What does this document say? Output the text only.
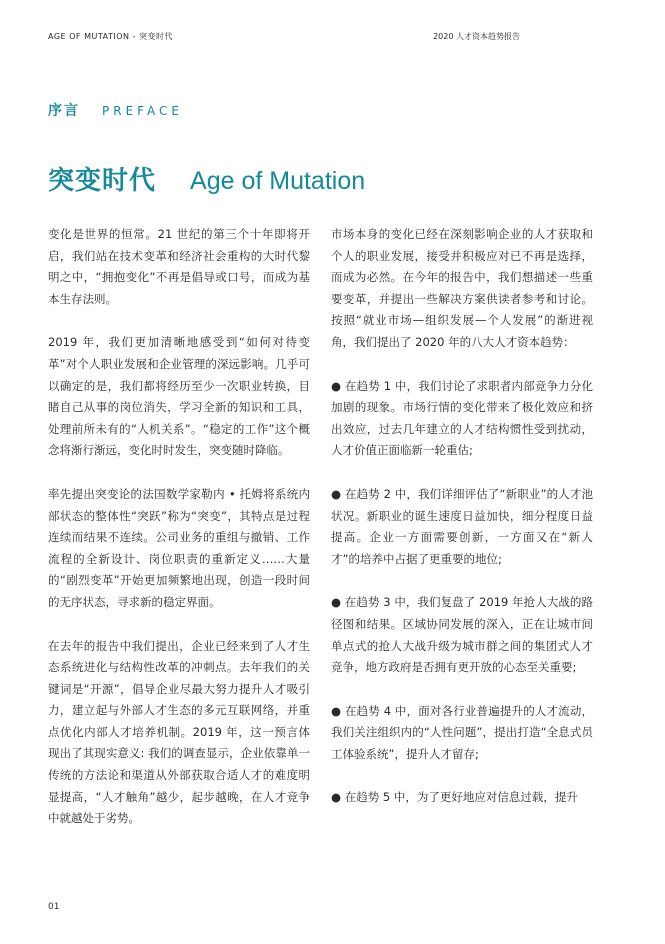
AGE OF MUTATION - 突变时代	2020 人才资本趋势报告
序言 PREFACE
突变时代 Age of Mutation

变化是世界的恒常。21 世纪的第三个十年即将开启，我们站在技术变革和经济社会重构的大时代黎明之中，“拥抱变化”不再是倡导或口号，而成为基本生存法则。

2019 年，我们更加清晰地感受到“如何对待变革”对个人职业发展和企业管理的深远影响。几乎可以确定的是，我们都将经历至少一次职业转换，目睹自己从事的岗位消失，学习全新的知识和工具，处理前所未有的“人机关系”。“稳定的工作”这个概念将渐行渐远，变化时时发生，突变随时降临。

率先提出突变论的法国数学家勒内 • 托姆将系统内部状态的整体性“突跃”称为“突变”，其特点是过程连续而结果不连续。公司业务的重组与撤销、工作流程的全新设计、岗位职责的重新定义……大量的“剧烈变革”开始更加频繁地出现，创造一段时间的无序状态，寻求新的稳定界面。

在去年的报告中我们提出，企业已经来到了人才生态系统进化与结构性改革的冲刺点。去年我们的关键词是“开源”，倡导企业尽最大努力提升人才吸引力，建立起与外部人才生态的多元互联网络，并重点优化内部人才培养机制。2019 年，这一预言体现出了其现实意义: 我们的调查显示，企业依靠单一传统的方法论和渠道从外部获取合适人才的难度明显提高，“人才触角”越少，起步越晚，在人才竞争中就越处于劣势。

市场本身的变化已经在深刻影响企业的人才获取和个人的职业发展，接受并积极应对已不再是选择，而成为必然。在今年的报告中，我们想描述一些重要变革，并提出一些解决方案供读者参考和讨论。按照“就业市场—组织发展—个人发展”的渐进视角，我们提出了 2020 年的八大人才资本趋势：

● 在趋势 1 中，我们讨论了求职者内部竞争力分化加剧的现象。市场行情的变化带来了极化效应和挤出效应，过去几年建立的人才结构惯性受到扰动，人才价值正面临新一轮重估;

● 在趋势 2 中，我们详细评估了“新职业”的人才池状况。新职业的诞生速度日益加快，细分程度日益提高。企业一方面需要创新，一方面又在“新人才”的培养中占据了更重要的地位;

● 在趋势 3 中，我们复盘了 2019 年抢人大战的路径图和结果。区域协同发展的深入，正在让城市间单点式的抢人大战升级为城市群之间的集团式人才竞争，地方政府是否拥有更开放的心态至关重要;

● 在趋势 4 中，面对各行业普遍提升的人才流动，我们关注组织内的“人性问题”，提出打造“全息式员工体验系统”，提升人才留存;

● 在趋势 5 中，为了更好地应对信息过载，提升

01
